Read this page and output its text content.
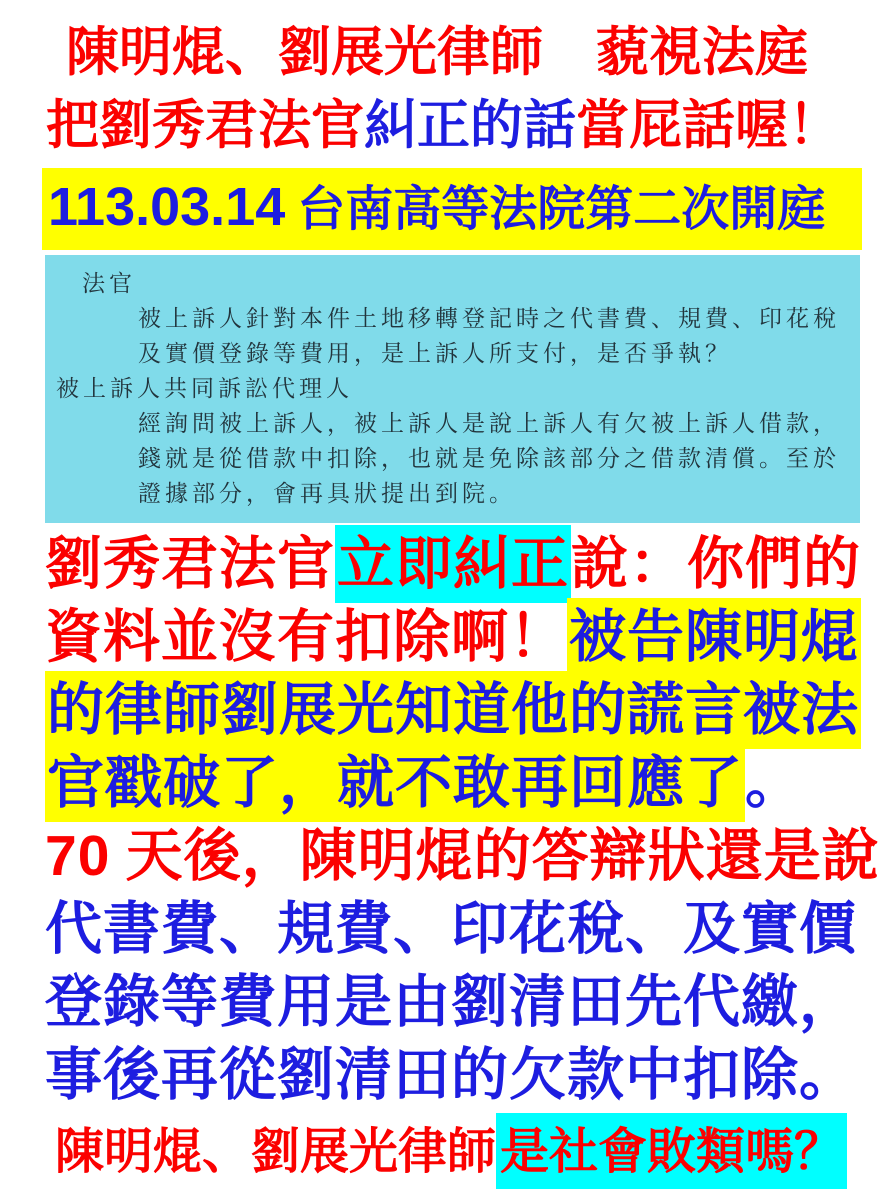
陳明焜、劉展光律師　藐視法庭
把劉秀君法官糾正的話當屁話喔！
113.03.14 台南高等法院第二次開庭
法官
被上訴人針對本件土地移轉登記時之代書費、規費、印花稅
及實價登錄等費用，是上訴人所支付，是否爭執？
被上訴人共同訴訟代理人
經詢問被上訴人，被上訴人是說上訴人有欠被上訴人借款，
錢就是從借款中扣除，也就是免除該部分之借款清償。至於
證據部分，會再具狀提出到院。
劉秀君法官立即糾正說：你們的
資料並沒有扣除啊！被告陳明焜
的律師劉展光知道他的謊言被法
官戳破了，就不敢再回應了。
70 天後，陳明焜的答辯狀還是說
代書費、規費、印花稅、及實價
登錄等費用是由劉清田先代繳，
事後再從劉清田的欠款中扣除。
陳明焜、劉展光律師是社會敗類嗎？
